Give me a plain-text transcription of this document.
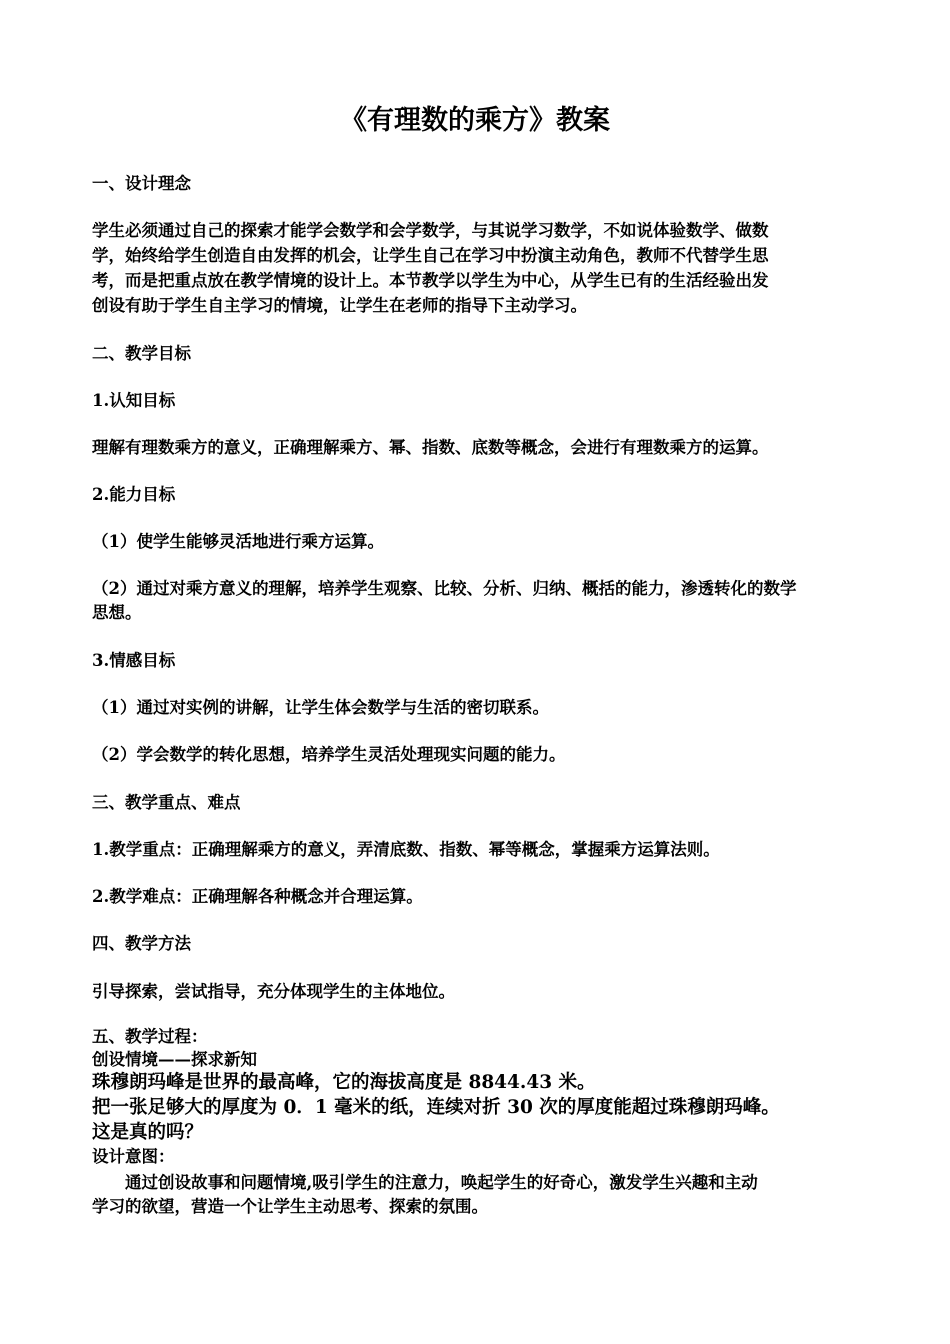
《有理数的乘方》教案
一、设计理念
学生必须通过自己的探索才能学会数学和会学数学，与其说学习数学，不如说体验数学、做数
学，始终给学生创造自由发挥的机会，让学生自己在学习中扮演主动角色，教师不代替学生思
考，而是把重点放在教学情境的设计上。本节教学以学生为中心，从学生已有的生活经验出发
创设有助于学生自主学习的情境，让学生在老师的指导下主动学习。
二、教学目标
1.认知目标
理解有理数乘方的意义，正确理解乘方、幂、指数、底数等概念，会进行有理数乘方的运算。
2.能力目标
（1）使学生能够灵活地进行乘方运算。
（2）通过对乘方意义的理解，培养学生观察、比较、分析、归纳、概括的能力，渗透转化的数学
思想。
3.情感目标
（1）通过对实例的讲解，让学生体会数学与生活的密切联系。
（2）学会数学的转化思想，培养学生灵活处理现实问题的能力。
三、教学重点、难点
1.教学重点：正确理解乘方的意义，弄清底数、指数、幂等概念，掌握乘方运算法则。
2.教学难点：正确理解各种概念并合理运算。
四、教学方法
引导探索，尝试指导，充分体现学生的主体地位。
五、教学过程：
创设情境——探求新知
珠穆朗玛峰是世界的最高峰，它的海拔高度是 8844.43 米。
把一张足够大的厚度为 0．1 毫米的纸，连续对折 30 次的厚度能超过珠穆朗玛峰。
这是真的吗？
设计意图：
通过创设故事和问题情境,吸引学生的注意力，唤起学生的好奇心，激发学生兴趣和主动
学习的欲望，营造一个让学生主动思考、探索的氛围。
